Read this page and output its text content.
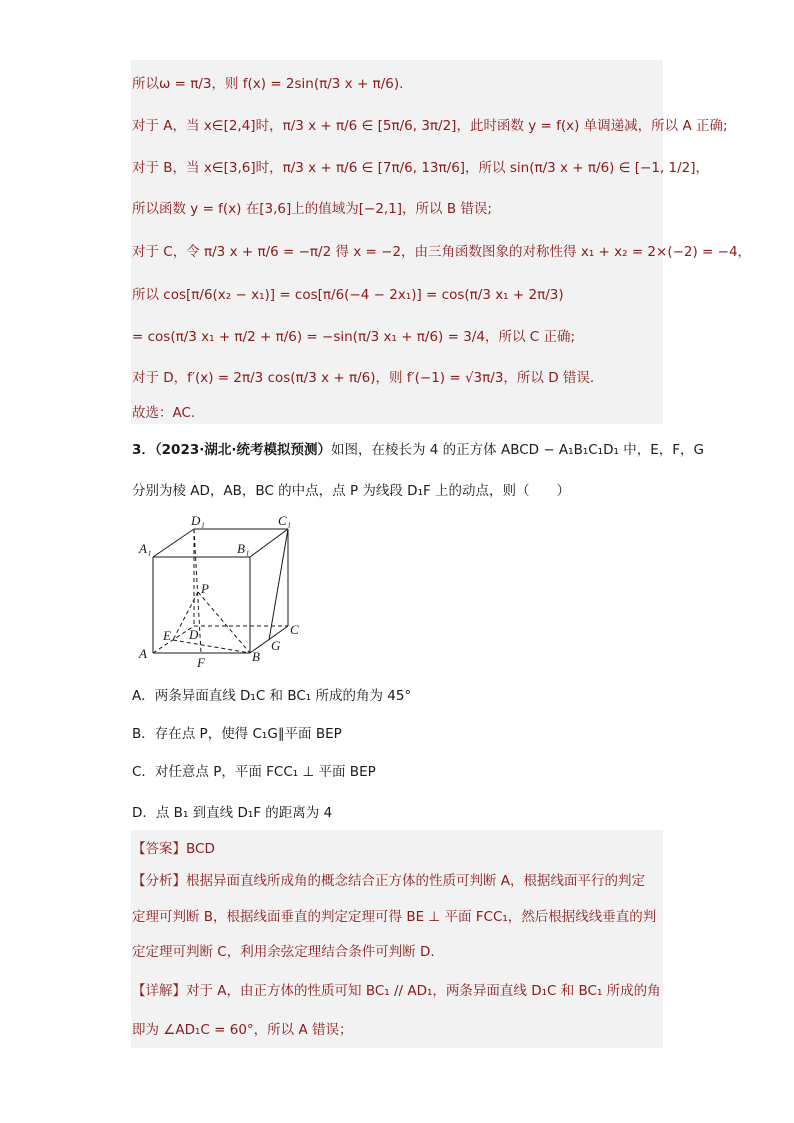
所以ω = π/3，则 f(x) = 2sin(π/3 x + π/6).
对于 A，当 x∈[2,4]时，π/3 x + π/6 ∈ [5π/6, 3π/2]，此时函数 y = f(x) 单调递减，所以 A 正确;
对于 B，当 x∈[3,6]时，π/3 x + π/6 ∈ [7π/6, 13π/6]，所以 sin(π/3 x + π/6) ∈ [−1, 1/2]，
所以函数 y = f(x) 在[3,6]上的值域为[−2,1]，所以 B 错误;
对于 C，令 π/3 x + π/6 = −π/2 得 x = −2，由三角函数图象的对称性得 x₁ + x₂ = 2×(−2) = −4，
所以 cos[π/6(x₂ − x₁)] = cos[π/6(−4 − 2x₁)] = cos(π/3 x₁ + 2π/3)
= cos(π/3 x₁ + π/2 + π/6) = −sin(π/3 x₁ + π/6) = 3/4，所以 C 正确;
对于 D，f′(x) = 2π/3 cos(π/3 x + π/6)，则 f′(−1) = √3π/3，所以 D 错误.
故选：AC.
3．（2023·湖北·统考模拟预测）如图，在棱长为 4 的正方体 ABCD − A₁B₁C₁D₁ 中，E，F，G
分别为棱 AD，AB，BC 的中点，点 P 为线段 D₁F 上的动点，则（　　）
A₁
D₁
B₁
C₁
P
E D	C
A
F	B
G
A．两条异面直线 D₁C 和 BC₁ 所成的角为 45°
B．存在点 P，使得 C₁G∥平面 BEP
C．对任意点 P，平面 FCC₁ ⊥ 平面 BEP
D．点 B₁ 到直线 D₁F 的距离为 4
【答案】BCD
【分析】根据异面直线所成角的概念结合正方体的性质可判断 A，根据线面平行的判定
定理可判断 B，根据线面垂直的判定定理可得 BE ⊥ 平面 FCC₁，然后根据线线垂直的判
定定理可判断 C，利用余弦定理结合条件可判断 D.
【详解】对于 A，由正方体的性质可知 BC₁ // AD₁，两条异面直线 D₁C 和 BC₁ 所成的角
即为 ∠AD₁C = 60°，所以 A 错误；
